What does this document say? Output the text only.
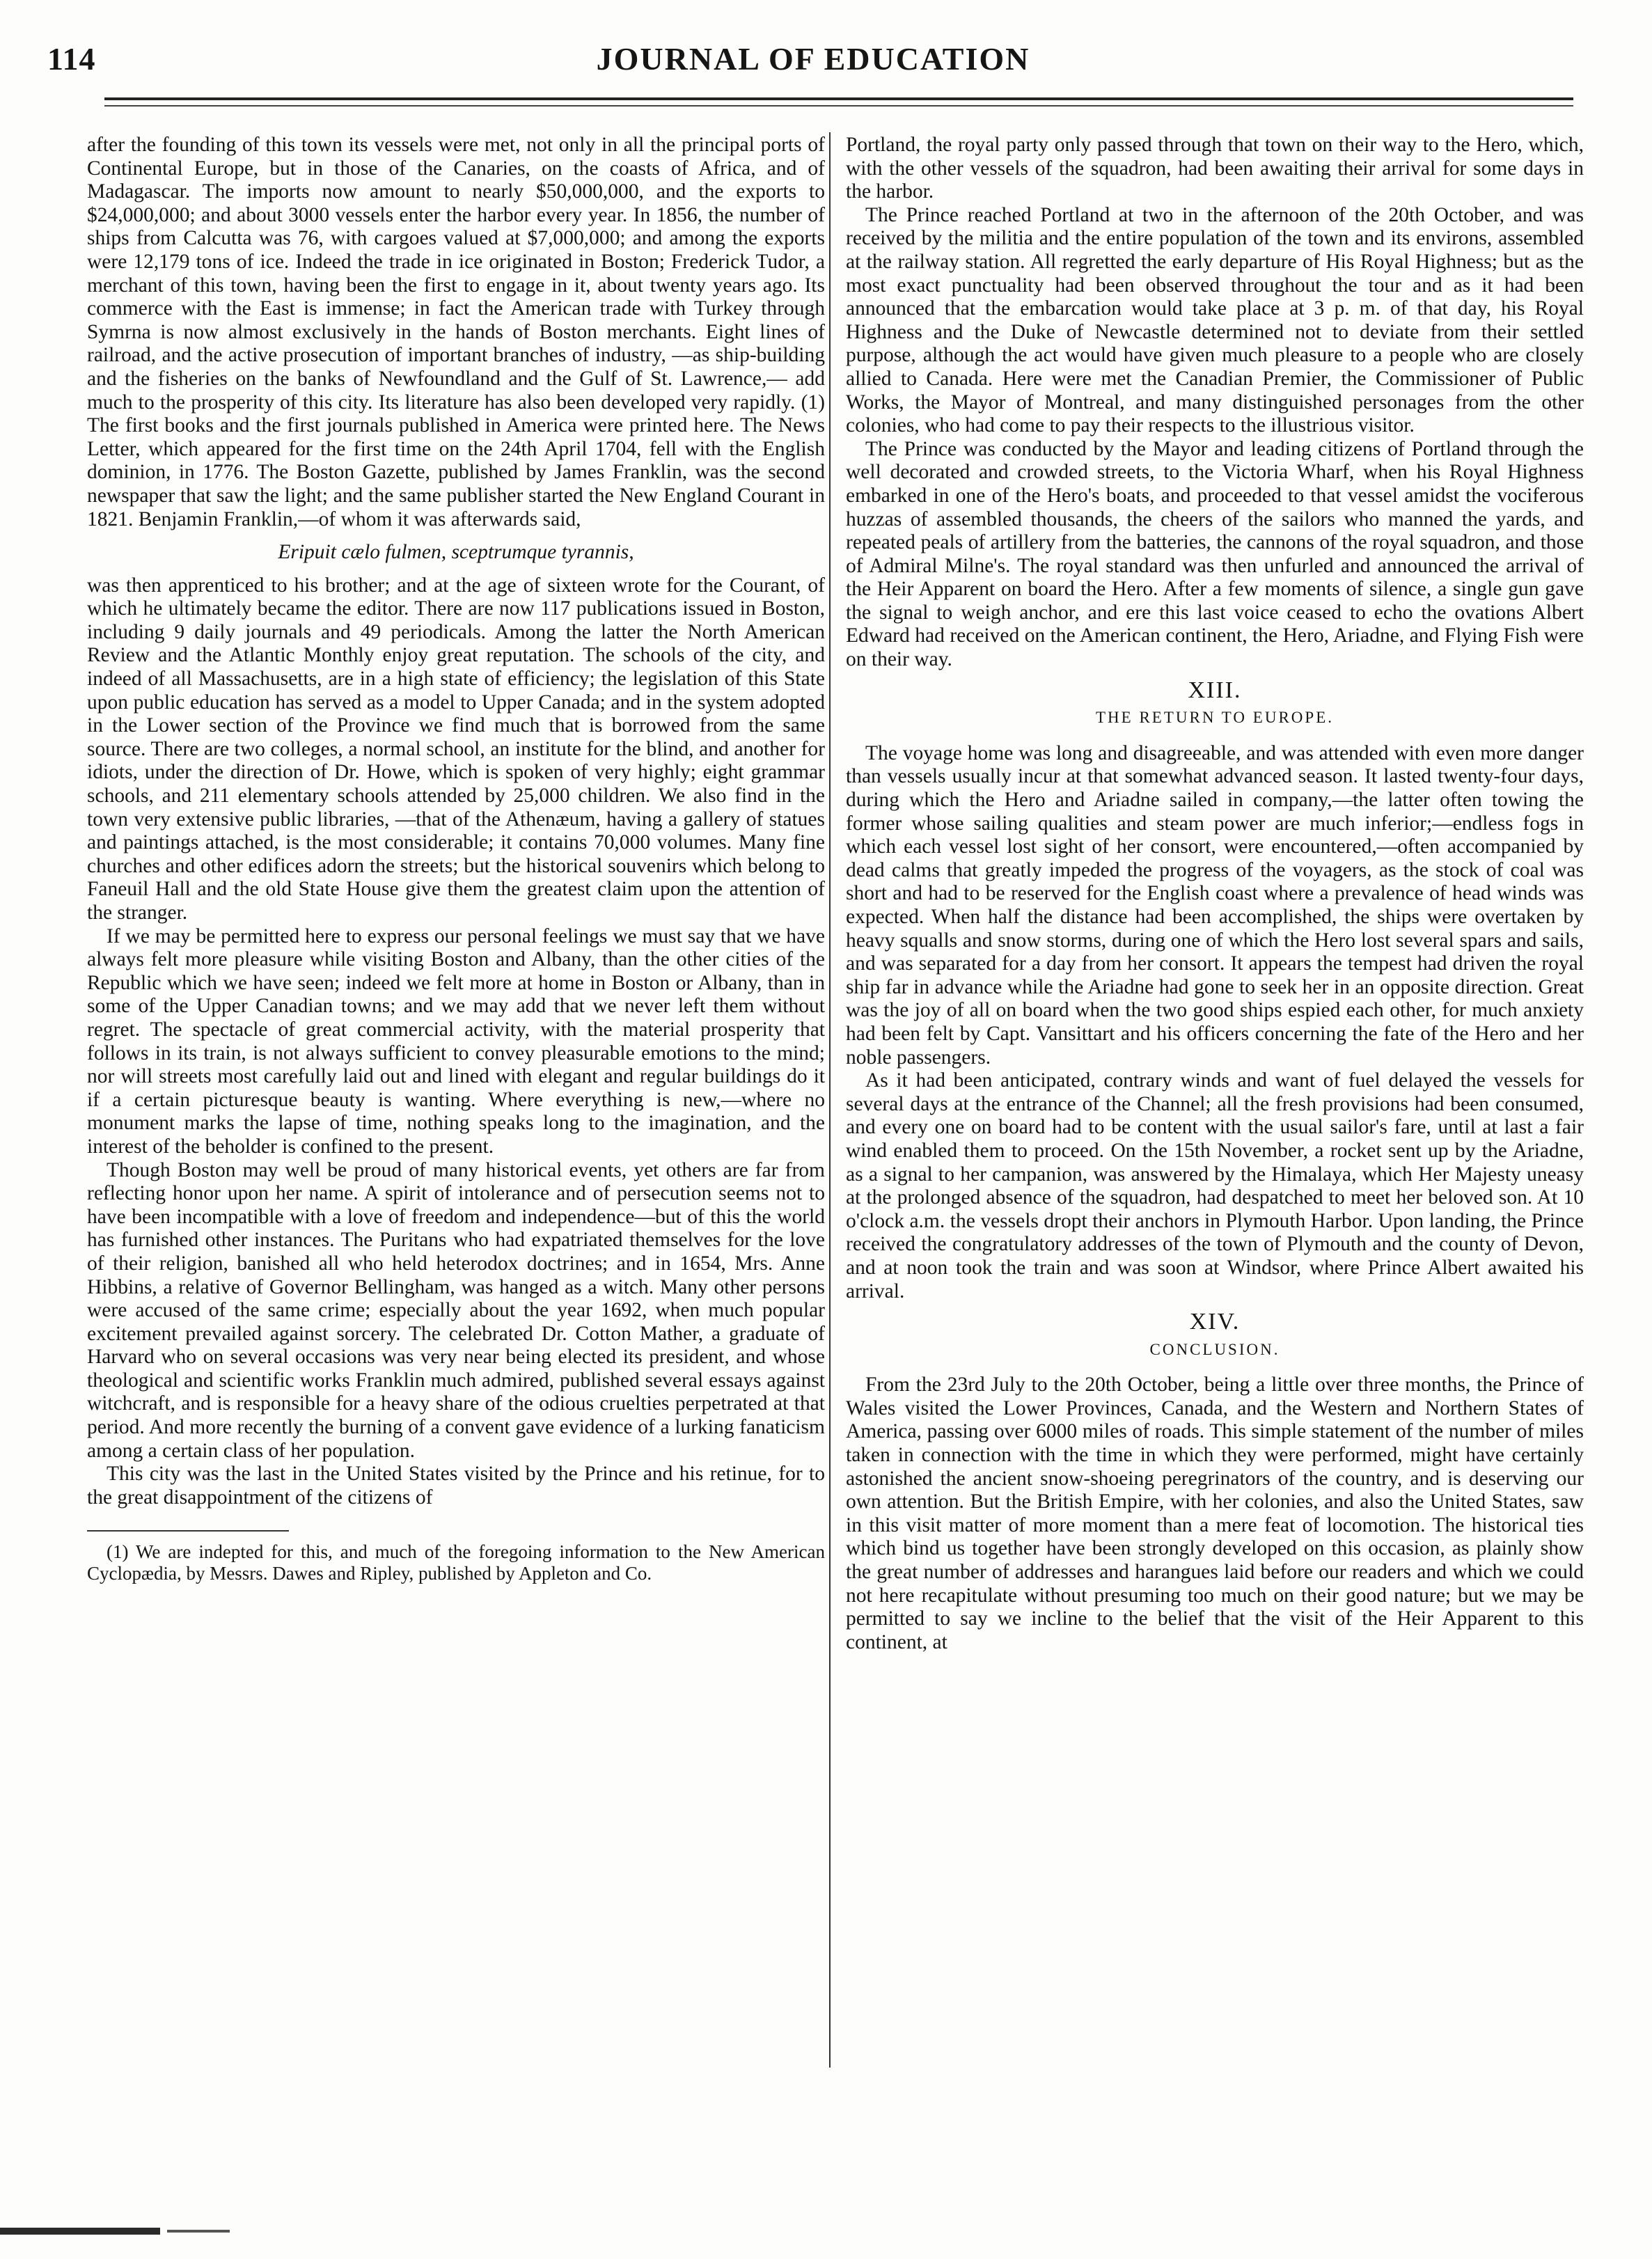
114	JOURNAL OF EDUCATION

after the founding of this town its vessels were met, not only in all the principal ports of Continental Europe, but in those of the Canaries, on the coasts of Africa, and of Madagascar. The imports now amount to nearly $50,000,000, and the exports to $24,000,000; and about 3000 vessels enter the harbor every year. In 1856, the number of ships from Calcutta was 76, with cargoes valued at $7,000,000; and among the exports were 12,179 tons of ice. Indeed the trade in ice originated in Boston; Frederick Tudor, a merchant of this town, having been the first to engage in it, about twenty years ago. Its commerce with the East is immense; in fact the American trade with Turkey through Symrna is now almost exclusively in the hands of Boston merchants. Eight lines of railroad, and the active prosecution of important branches of industry, —as ship-building and the fisheries on the banks of Newfoundland and the Gulf of St. Lawrence,— add much to the prosperity of this city. Its literature has also been developed very rapidly. (1) The first books and the first journals published in America were printed here. The News Letter, which appeared for the first time on the 24th April 1704, fell with the English dominion, in 1776. The Boston Gazette, published by James Franklin, was the second newspaper that saw the light; and the same publisher started the New England Courant in 1821. Benjamin Franklin,—of whom it was afterwards said,

Eripuit cælo fulmen, sceptrumque tyrannis,

was then apprenticed to his brother; and at the age of sixteen wrote for the Courant, of which he ultimately became the editor. There are now 117 publications issued in Boston, including 9 daily journals and 49 periodicals. Among the latter the North American Review and the Atlantic Monthly enjoy great reputation. The schools of the city, and indeed of all Massachusetts, are in a high state of efficiency; the legislation of this State upon public education has served as a model to Upper Canada; and in the system adopted in the Lower section of the Province we find much that is borrowed from the same source. There are two colleges, a normal school, an institute for the blind, and another for idiots, under the direction of Dr. Howe, which is spoken of very highly; eight grammar schools, and 211 elementary schools attended by 25,000 children. We also find in the town very extensive public libraries, —that of the Athenæum, having a gallery of statues and paintings attached, is the most considerable; it contains 70,000 volumes. Many fine churches and other edifices adorn the streets; but the historical souvenirs which belong to Faneuil Hall and the old State House give them the greatest claim upon the attention of the stranger.

If we may be permitted here to express our personal feelings we must say that we have always felt more pleasure while visiting Boston and Albany, than the other cities of the Republic which we have seen; indeed we felt more at home in Boston or Albany, than in some of the Upper Canadian towns; and we may add that we never left them without regret. The spectacle of great commercial activity, with the material prosperity that follows in its train, is not always sufficient to convey pleasurable emotions to the mind; nor will streets most carefully laid out and lined with elegant and regular buildings do it if a certain picturesque beauty is wanting. Where everything is new,—where no monument marks the lapse of time, nothing speaks long to the imagination, and the interest of the beholder is confined to the present.

Though Boston may well be proud of many historical events, yet others are far from reflecting honor upon her name. A spirit of intolerance and of persecution seems not to have been incompatible with a love of freedom and independence—but of this the world has furnished other instances. The Puritans who had expatriated themselves for the love of their religion, banished all who held heterodox doctrines; and in 1654, Mrs. Anne Hibbins, a relative of Governor Bellingham, was hanged as a witch. Many other persons were accused of the same crime; especially about the year 1692, when much popular excitement prevailed against sorcery. The celebrated Dr. Cotton Mather, a graduate of Harvard who on several occasions was very near being elected its president, and whose theological and scientific works Franklin much admired, published several essays against witchcraft, and is responsible for a heavy share of the odious cruelties perpetrated at that period. And more recently the burning of a convent gave evidence of a lurking fanaticism among a certain class of her population.

This city was the last in the United States visited by the Prince and his retinue, for to the great disappointment of the citizens of

(1) We are indepted for this, and much of the foregoing information to the New American Cyclopædia, by Messrs. Dawes and Ripley, published by Appleton and Co.

Portland, the royal party only passed through that town on their way to the Hero, which, with the other vessels of the squadron, had been awaiting their arrival for some days in the harbor.

The Prince reached Portland at two in the afternoon of the 20th October, and was received by the militia and the entire population of the town and its environs, assembled at the railway station. All regretted the early departure of His Royal Highness; but as the most exact punctuality had been observed throughout the tour and as it had been announced that the embarcation would take place at 3 p. m. of that day, his Royal Highness and the Duke of Newcastle determined not to deviate from their settled purpose, although the act would have given much pleasure to a people who are closely allied to Canada. Here were met the Canadian Premier, the Commissioner of Public Works, the Mayor of Montreal, and many distinguished personages from the other colonies, who had come to pay their respects to the illustrious visitor.

The Prince was conducted by the Mayor and leading citizens of Portland through the well decorated and crowded streets, to the Victoria Wharf, when his Royal Highness embarked in one of the Hero's boats, and proceeded to that vessel amidst the vociferous huzzas of assembled thousands, the cheers of the sailors who manned the yards, and repeated peals of artillery from the batteries, the cannons of the royal squadron, and those of Admiral Milne's. The royal standard was then unfurled and announced the arrival of the Heir Apparent on board the Hero. After a few moments of silence, a single gun gave the signal to weigh anchor, and ere this last voice ceased to echo the ovations Albert Edward had received on the American continent, the Hero, Ariadne, and Flying Fish were on their way.

XIII.
THE RETURN TO EUROPE.

The voyage home was long and disagreeable, and was attended with even more danger than vessels usually incur at that somewhat advanced season. It lasted twenty-four days, during which the Hero and Ariadne sailed in company,—the latter often towing the former whose sailing qualities and steam power are much inferior;—endless fogs in which each vessel lost sight of her consort, were encountered,—often accompanied by dead calms that greatly impeded the progress of the voyagers, as the stock of coal was short and had to be reserved for the English coast where a prevalence of head winds was expected. When half the distance had been accomplished, the ships were overtaken by heavy squalls and snow storms, during one of which the Hero lost several spars and sails, and was separated for a day from her consort. It appears the tempest had driven the royal ship far in advance while the Ariadne had gone to seek her in an opposite direction. Great was the joy of all on board when the two good ships espied each other, for much anxiety had been felt by Capt. Vansittart and his officers concerning the fate of the Hero and her noble passengers.

As it had been anticipated, contrary winds and want of fuel delayed the vessels for several days at the entrance of the Channel; all the fresh provisions had been consumed, and every one on board had to be content with the usual sailor's fare, until at last a fair wind enabled them to proceed. On the 15th November, a rocket sent up by the Ariadne, as a signal to her campanion, was answered by the Himalaya, which Her Majesty uneasy at the prolonged absence of the squadron, had despatched to meet her beloved son. At 10 o'clock a.m. the vessels dropt their anchors in Plymouth Harbor. Upon landing, the Prince received the congratulatory addresses of the town of Plymouth and the county of Devon, and at noon took the train and was soon at Windsor, where Prince Albert awaited his arrival.

XIV.
CONCLUSION.

From the 23rd July to the 20th October, being a little over three months, the Prince of Wales visited the Lower Provinces, Canada, and the Western and Northern States of America, passing over 6000 miles of roads. This simple statement of the number of miles taken in connection with the time in which they were performed, might have certainly astonished the ancient snow-shoeing peregrinators of the country, and is deserving our own attention. But the British Empire, with her colonies, and also the United States, saw in this visit matter of more moment than a mere feat of locomotion. The historical ties which bind us together have been strongly developed on this occasion, as plainly show the great number of addresses and harangues laid before our readers and which we could not here recapitulate without presuming too much on their good nature; but we may be permitted to say we incline to the belief that the visit of the Heir Apparent to this continent, at
